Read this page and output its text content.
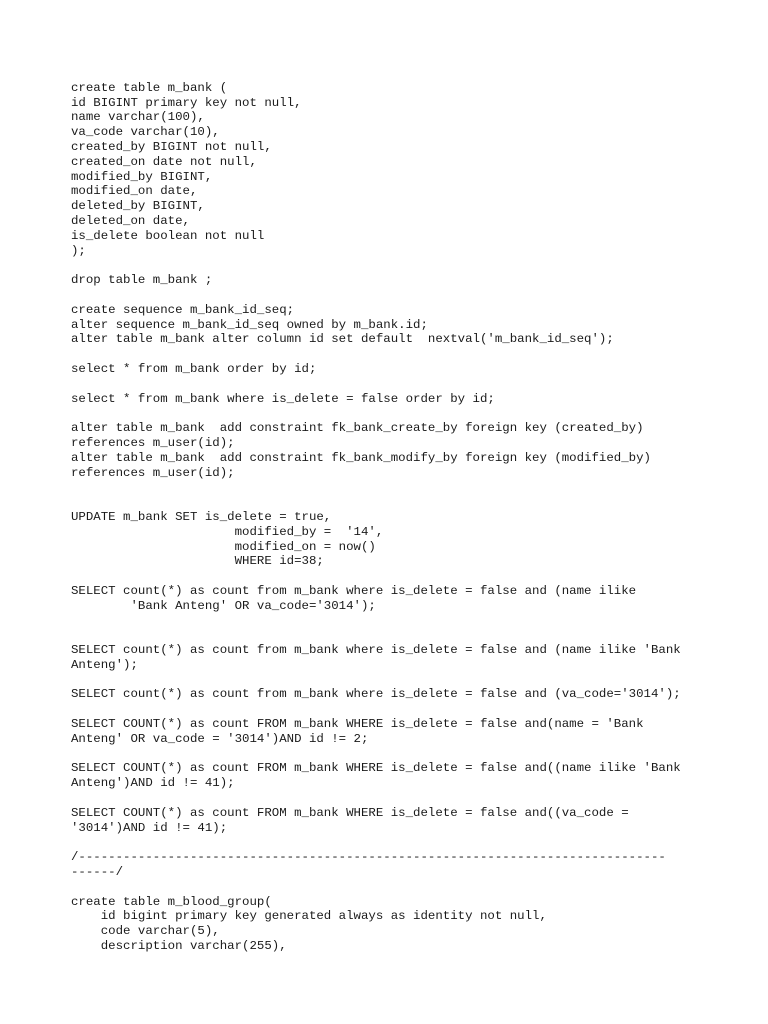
create table m_bank (
id BIGINT primary key not null,
name varchar(100),
va_code varchar(10),
created_by BIGINT not null,
created_on date not null,
modified_by BIGINT,
modified_on date,
deleted_by BIGINT,
deleted_on date,
is_delete boolean not null
);
drop table m_bank ;
create sequence m_bank_id_seq;
alter sequence m_bank_id_seq owned by m_bank.id;
alter table m_bank alter column id set default  nextval('m_bank_id_seq');
select * from m_bank order by id;
select * from m_bank where is_delete = false order by id;
alter table m_bank  add constraint fk_bank_create_by foreign key (created_by)
references m_user(id);
alter table m_bank  add constraint fk_bank_modify_by foreign key (modified_by)
references m_user(id);
UPDATE m_bank SET is_delete = true,
modified_by =  '14',
modified_on = now()
WHERE id=38;
SELECT count(*) as count from m_bank where is_delete = false and (name ilike
'Bank Anteng' OR va_code='3014');
SELECT count(*) as count from m_bank where is_delete = false and (name ilike 'Bank
Anteng');
SELECT count(*) as count from m_bank where is_delete = false and (va_code='3014');
SELECT COUNT(*) as count FROM m_bank WHERE is_delete = false and(name = 'Bank
Anteng' OR va_code = '3014')AND id != 2;
SELECT COUNT(*) as count FROM m_bank WHERE is_delete = false and((name ilike 'Bank
Anteng')AND id != 41);
SELECT COUNT(*) as count FROM m_bank WHERE is_delete = false and((va_code =
'3014')AND id != 41);
/-------------------------------------------------------------------------------
------/
create table m_blood_group(
id bigint primary key generated always as identity not null,
code varchar(5),
description varchar(255),
